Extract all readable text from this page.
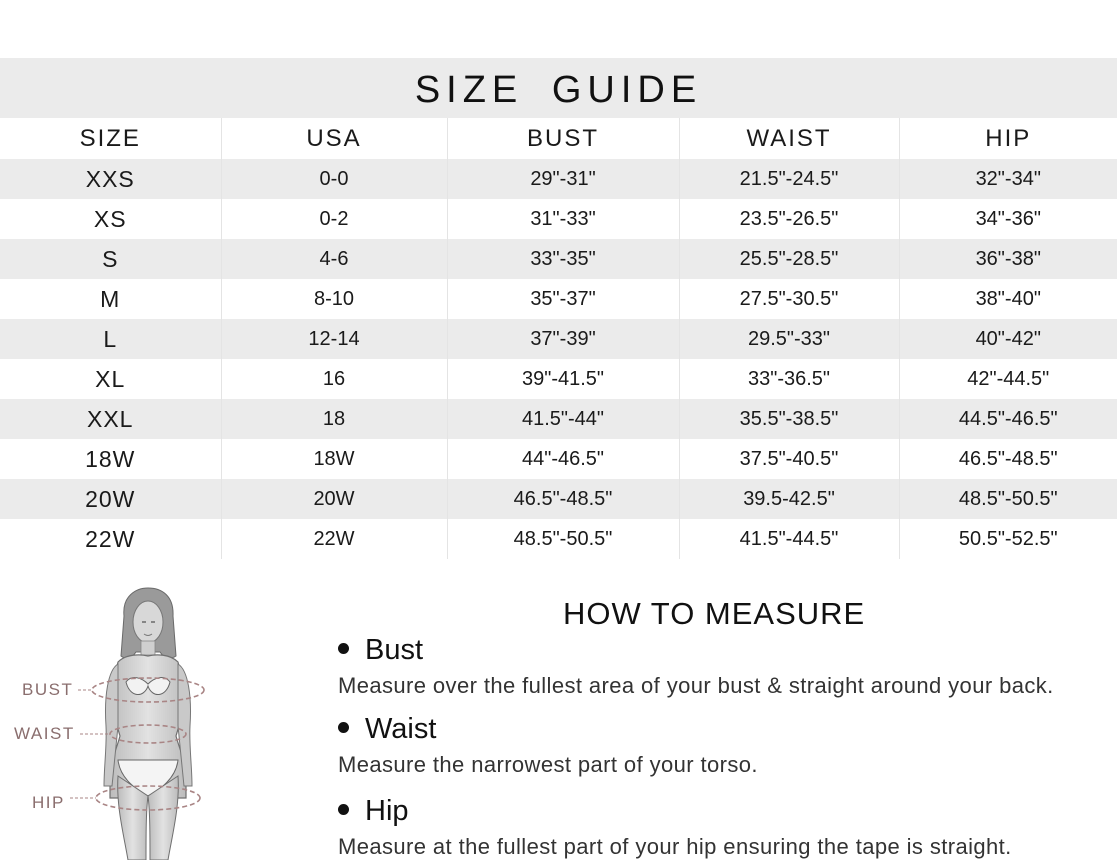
SIZE GUIDE
SIZE	USA	BUST	WAIST	HIP
XXS	0-0	29"-31"	21.5"-24.5"	32"-34"
XS	0-2	31"-33"	23.5"-26.5"	34"-36"
S	4-6	33"-35"	25.5"-28.5"	36"-38"
M	8-10	35"-37"	27.5"-30.5"	38"-40"
L	12-14	37"-39"	29.5"-33"	40"-42"
XL	16	39"-41.5"	33"-36.5"	42"-44.5"
XXL	18	41.5"-44"	35.5"-38.5"	44.5"-46.5"
18W	18W	44"-46.5"	37.5"-40.5"	46.5"-48.5"
20W	20W	46.5"-48.5"	39.5-42.5"	48.5"-50.5"
22W	22W	48.5"-50.5"	41.5"-44.5"	50.5"-52.5"
BUST
WAIST
HIP
HOW TO MEASURE
Bust
Measure over the fullest area of your bust & straight around your back.
Waist
Measure the narrowest part of your torso.
Hip
Measure at the fullest part of your hip ensuring the tape is straight.
